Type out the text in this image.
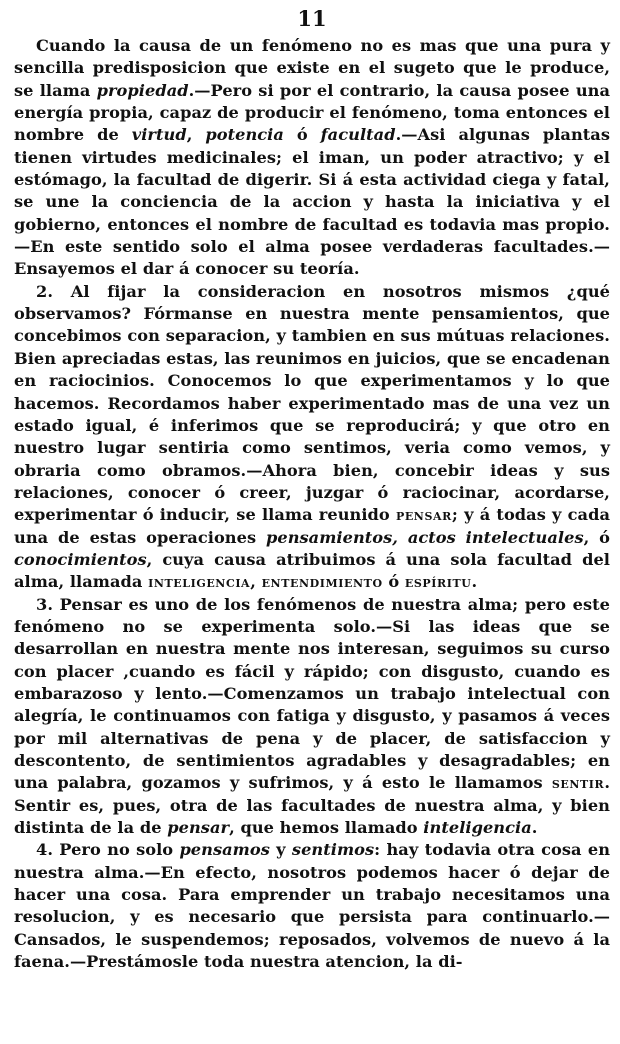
11

Cuando la causa de un fenómeno no es mas que una pura y sencilla predisposicion que existe en el sugeto que le produce, se llama propiedad.—Pero si por el contrario, la causa posee una energía propia, capaz de producir el fenómeno, toma entonces el nombre de virtud, potencia ó facultad.—Asi algunas plantas tienen virtudes medicinales; el iman, un poder atractivo; y el estómago, la facultad de digerir. Si á esta actividad ciega y fatal, se une la conciencia de la accion y hasta la iniciativa y el gobierno, entonces el nombre de facultad es todavia mas propio.—En este sentido solo el alma posee verdaderas facultades.—Ensayemos el dar á conocer su teoría.

2. Al fijar la consideracion en nosotros mismos ¿qué observamos? Fórmanse en nuestra mente pensamientos, que concebimos con separacion, y tambien en sus mútuas relaciones. Bien apreciadas estas, las reunimos en juicios, que se encadenan en raciocinios. Conocemos lo que experimentamos y lo que hacemos. Recordamos haber experimentado mas de una vez un estado igual, é inferimos que se reproducirá; y que otro en nuestro lugar sentiria como sentimos, veria como vemos, y obraria como obramos.—Ahora bien, concebir ideas y sus relaciones, conocer ó creer, juzgar ó raciocinar, acordarse, experimentar ó inducir, se llama reunido pensar; y á todas y cada una de estas operaciones pensamientos, actos intelectuales, ó conocimientos, cuya causa atribuimos á una sola facultad del alma, llamada inteligencia, entendimiento ó espíritu.

3. Pensar es uno de los fenómenos de nuestra alma; pero este fenómeno no se experimenta solo.—Si las ideas que se desarrollan en nuestra mente nos interesan, seguimos su curso con placer ,cuando es fácil y rápido; con disgusto, cuando es embarazoso y lento.—Comenzamos un trabajo intelectual con alegría, le continuamos con fatiga y disgusto, y pasamos á veces por mil alternativas de pena y de placer, de satisfaccion y descontento, de sentimientos agradables y desagradables; en una palabra, gozamos y sufrimos, y á esto le llamamos sentir. Sentir es, pues, otra de las facultades de nuestra alma, y bien distinta de la de pensar, que hemos llamado inteligencia.

4. Pero no solo pensamos y sentimos: hay todavia otra cosa en nuestra alma.—En efecto, nosotros podemos hacer ó dejar de hacer una cosa. Para emprender un trabajo necesitamos una resolucion, y es necesario que persista para continuarlo.—Cansados, le suspendemos; reposados, volvemos de nuevo á la faena.—Prestámosle toda nuestra atencion, la di-
